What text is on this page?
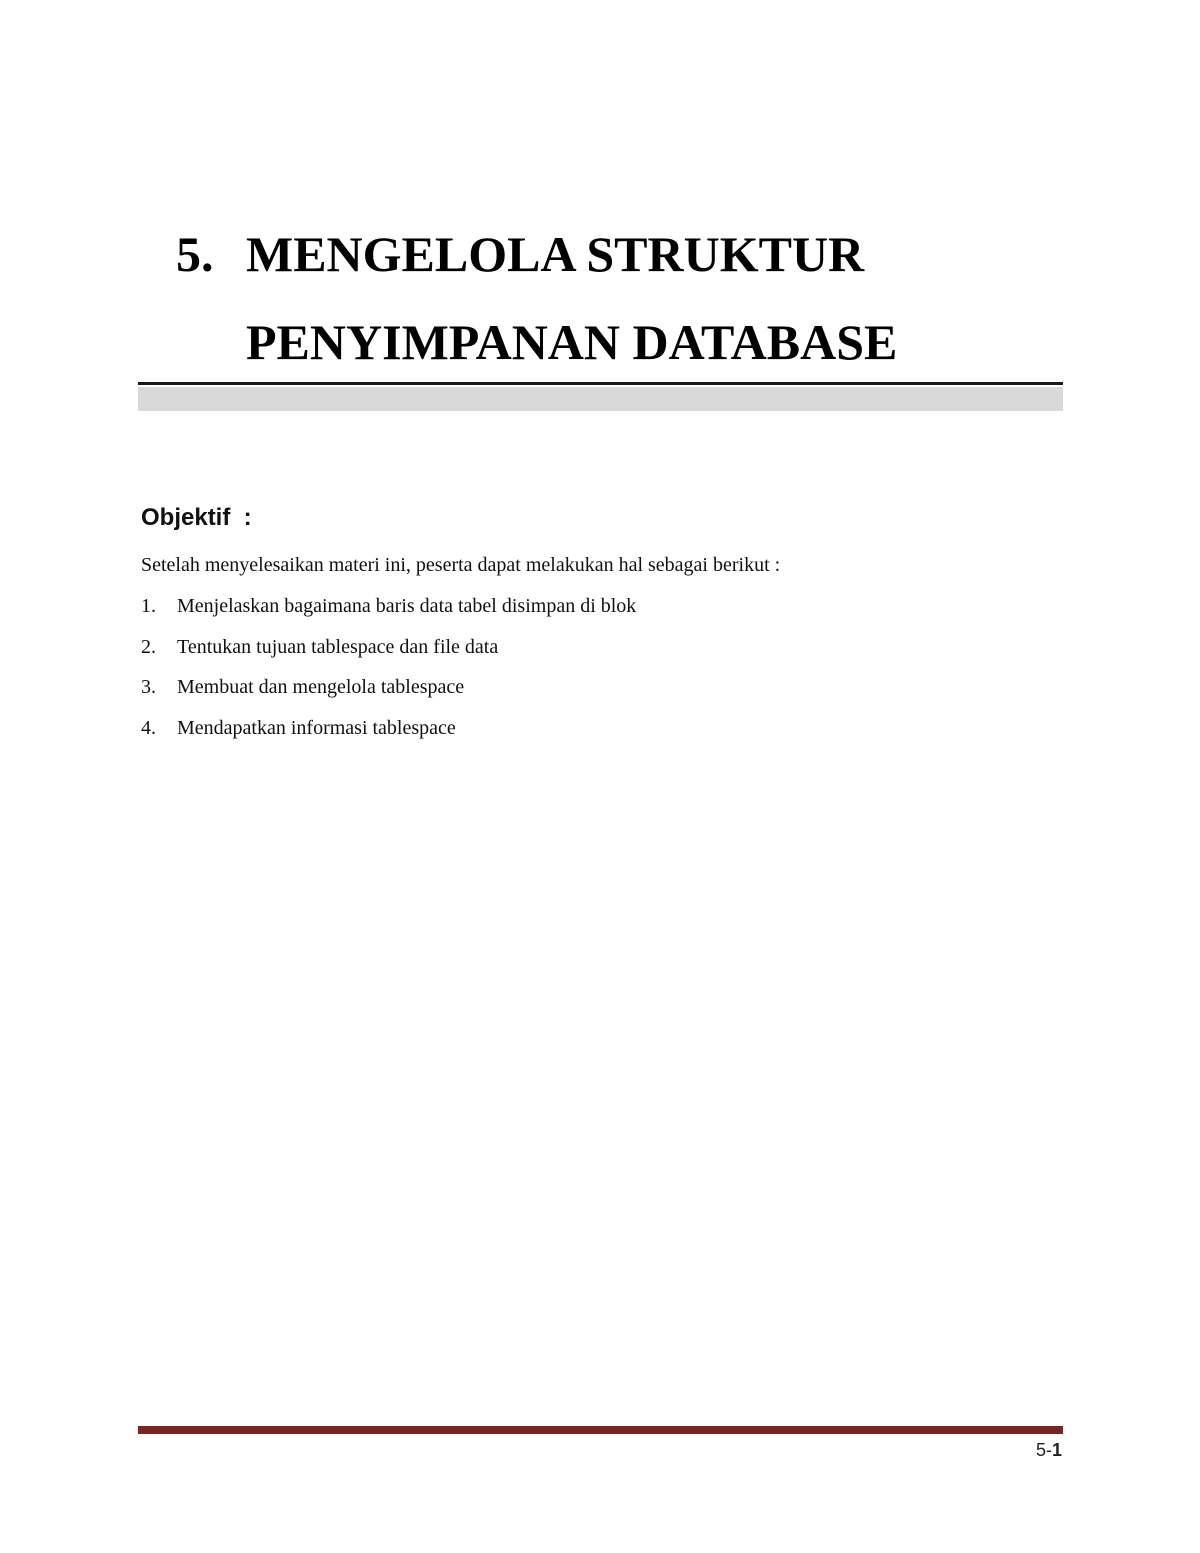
5. MENGELOLA STRUKTUR
PENYIMPANAN DATABASE
Objektif  :

Setelah menyelesaikan materi ini, peserta dapat melakukan hal sebagai berikut :

1.	Menjelaskan bagaimana baris data tabel disimpan di blok
2.	Tentukan tujuan tablespace dan file data
3.	Membuat dan mengelola tablespace
4.	Mendapatkan informasi tablespace
5-1
